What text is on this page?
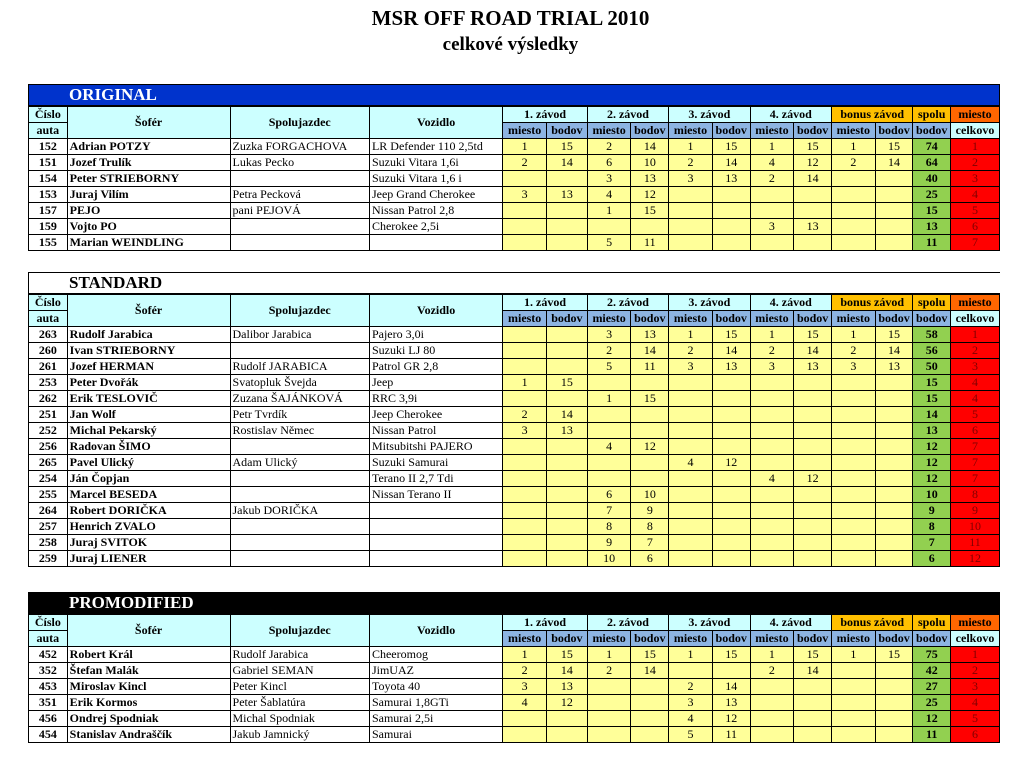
MSR OFF ROAD TRIAL 2010
celkové výsledky
ORIGINAL
Číslo	Šofér	Spolujazdec	Vozidlo	1. závod		2. závod		3. závod		4. závod		bonus závod		spolu	miesto
auta				miesto	bodov	miesto	bodov	miesto	bodov	miesto	bodov	miesto	bodov	bodov	celkovo
152	Adrian POTZY	Zuzka FORGACHOVA	LR Defender 110 2,5td	1	15	2	14	1	15	1	15	1	15	74	1
151	Jozef Trulík	Lukas Pecko	Suzuki Vitara 1,6i	2	14	6	10	2	14	4	12	2	14	64	2
154	Peter STRIEBORNY		Suzuki Vitara 1,6 i			3	13	3	13	2	14			40	3
153	Juraj Vilím	Petra Pecková	Jeep Grand Cherokee	3	13	4	12							25	4
157	PEJO	pani PEJOVÁ	Nissan Patrol 2,8			1	15							15	5
159	Vojto PO		Cherokee 2,5i							3	13			13	6
155	Marian WEINDLING					5	11							11	7
STANDARD
Číslo	Šofér	Spolujazdec	Vozidlo	1. závod		2. závod		3. závod		4. závod		bonus závod		spolu	miesto
auta				miesto	bodov	miesto	bodov	miesto	bodov	miesto	bodov	miesto	bodov	bodov	celkovo
263	Rudolf Jarabica	Dalibor Jarabica	Pajero 3,0i			3	13	1	15	1	15	1	15	58	1
260	Ivan STRIEBORNY		Suzuki LJ 80			2	14	2	14	2	14	2	14	56	2
261	Jozef HERMAN	Rudolf JARABICA	Patrol GR 2,8			5	11	3	13	3	13	3	13	50	3
253	Peter Dvořák	Svatopluk Švejda	Jeep	1	15									15	4
262	Erik TESLOVIČ	Zuzana ŠAJÁNKOVÁ	RRC 3,9i			1	15							15	4
251	Jan Wolf	Petr Tvrdík	Jeep Cherokee	2	14									14	5
252	Michal Pekarský	Rostislav Němec	Nissan Patrol	3	13									13	6
256	Radovan ŠIMO		Mitsubitshi PAJERO			4	12							12	7
265	Pavel Ulický	Adam Ulický	Suzuki Samurai					4	12					12	7
254	Ján Čopjan		Terano II 2,7 Tdi							4	12			12	7
255	Marcel BESEDA		Nissan Terano II			6	10							10	8
264	Robert DORIČKA	Jakub DORIČKA				7	9							9	9
257	Henrich ZVALO					8	8							8	10
258	Juraj SVITOK					9	7							7	11
259	Juraj LIENER					10	6							6	12
PROMODIFIED
Číslo	Šofér	Spolujazdec	Vozidlo	1. závod		2. závod		3. závod		4. závod		bonus závod		spolu	miesto
auta				miesto	bodov	miesto	bodov	miesto	bodov	miesto	bodov	miesto	bodov	bodov	celkovo
452	Robert Král	Rudolf Jarabica	Cheeromog	1	15	1	15	1	15	1	15	1	15	75	1
352	Štefan Malák	Gabriel SEMAN	JimUAZ	2	14	2	14			2	14			42	2
453	Miroslav Kincl	Peter Kincl	Toyota 40	3	13			2	14					27	3
351	Erik Kormos	Peter Šablatúra	Samurai 1,8GTi	4	12			3	13					25	4
456	Ondrej Spodniak	Michal Spodniak	Samurai 2,5i					4	12					12	5
454	Stanislav Andraščík	Jakub Jamnický	Samurai					5	11					11	6
